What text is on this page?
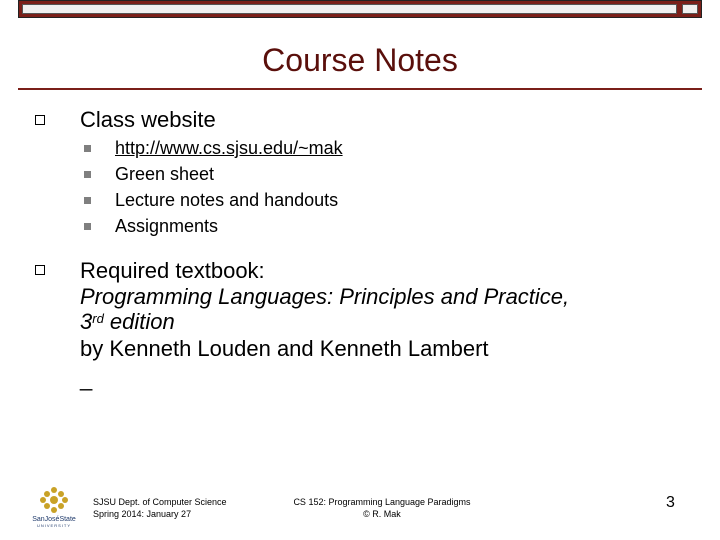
Course Notes
Class website
http://www.cs.sjsu.edu/~mak
Green sheet
Lecture notes and handouts
Assignments
Required textbook:
Programming Languages: Principles and Practice,
3rd edition
by Kenneth Louden and Kenneth Lambert
_
SanJoséState
UNIVERSITY
SJSU Dept. of Computer Science
Spring 2014: January 27
CS 152: Programming Language Paradigms
© R. Mak
3
